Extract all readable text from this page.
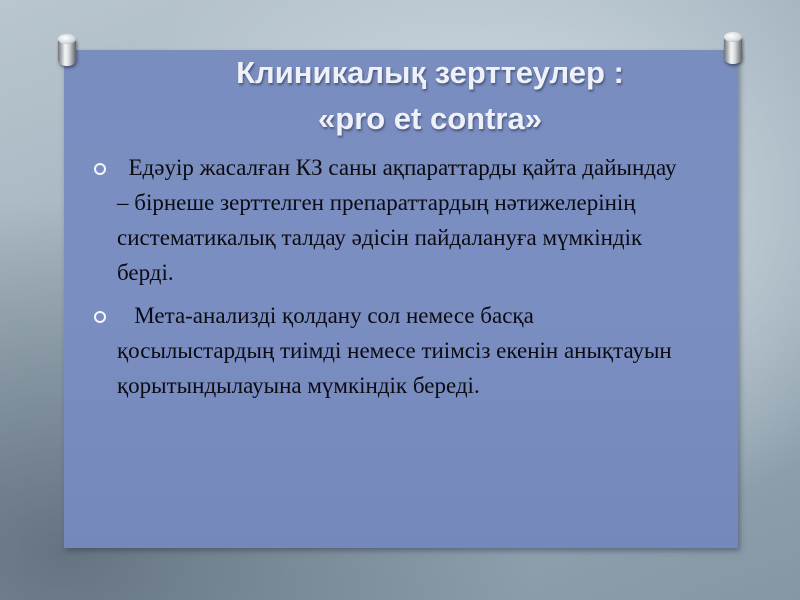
Клиникалық зерттеулер :
«pro et contra»
Едәуір жасалған КЗ саны ақпараттарды қайта дайындау – бірнеше зерттелген препараттардың нәтижелерінің систематикалық талдау әдісін пайдалануға мүмкіндік берді.
Мета-анализді қолдану сол немесе басқа қосылыстардың тиімді немесе тиімсіз екенін анықтауын қорытындылауына мүмкіндік береді.
